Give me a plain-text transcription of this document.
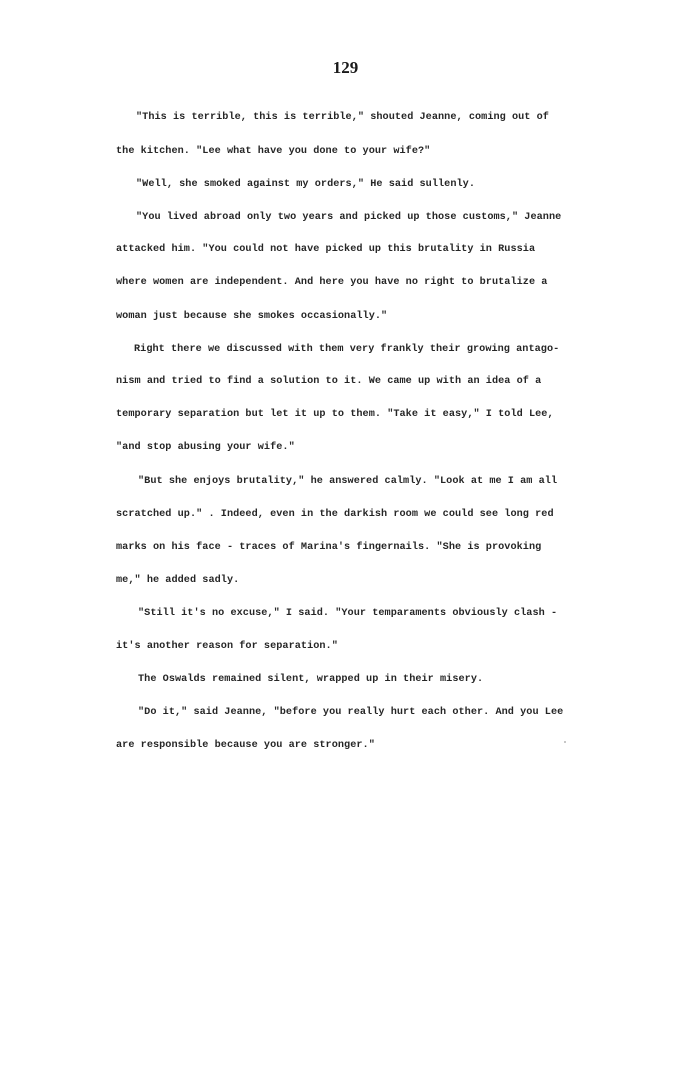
129
"This is terrible, this is terrible," shouted Jeanne, coming out of
the kitchen. "Lee what have you done to your wife?"
"Well, she smoked against my orders," He said sullenly.
"You lived abroad only two years and picked up those customs," Jeanne
attacked him. "You could not have picked up this brutality in Russia
where women are independent. And here you have no right to brutalize a
woman just because she smokes occasionally."
Right there we discussed with them very frankly their growing antago-
nism and tried to find a solution to it. We came up with an idea of a
temporary separation but let it up to them. "Take it easy," I told Lee,
"and stop abusing your wife."
"But she enjoys brutality," he answered calmly. "Look at me I am all
scratched up." . Indeed, even in the darkish room we could see long red
marks on his face - traces of Marina's fingernails. "She is provoking
me," he added sadly.
"Still it's no excuse," I said. "Your temparaments obviously clash -
it's another reason for separation."
The Oswalds remained silent, wrapped up in their misery.
"Do it," said Jeanne, "before you really hurt each other. And you Lee
are responsible because you are stronger."
